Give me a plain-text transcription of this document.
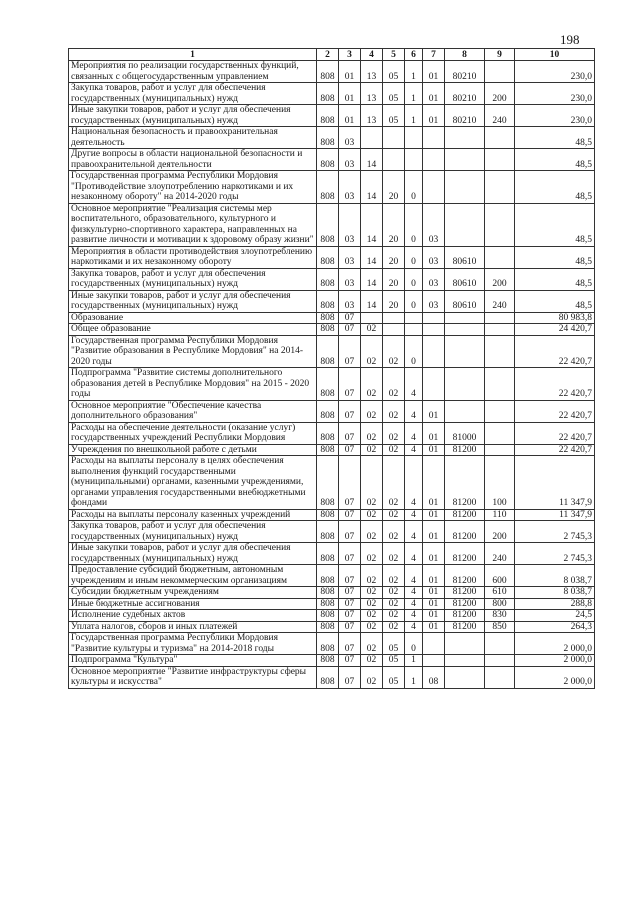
198
1	2	3	4	5	6	7	8	9	10
Мероприятия по реализации государственных функций, связанных с общегосударственным управлением	808	01	13	05	1	01	80210		230,0
Закупка товаров, работ и услуг для обеспечения государственных (муниципальных) нужд	808	01	13	05	1	01	80210	200	230,0
Иные закупки товаров, работ и услуг для обеспечения государственных (муниципальных) нужд	808	01	13	05	1	01	80210	240	230,0
Национальная безопасность и правоохранительная деятельность	808	03							48,5
Другие вопросы в области национальной безопасности и правоохранительной деятельности	808	03	14						48,5
Государственная программа Республики Мордовия "Противодействие злоупотреблению наркотиками и их незаконному обороту" на 2014-2020 годы	808	03	14	20	0				48,5
Основное мероприятие "Реализация системы мер воспитательного, образовательного, культурного и физкультурно-спортивного характера, направленных на развитие личности и мотивации к здоровому образу жизни"	808	03	14	20	0	03			48,5
Мероприятия в области противодействия злоупотреблению наркотиками и их незаконному обороту	808	03	14	20	0	03	80610		48,5
Закупка товаров, работ и услуг для обеспечения государственных (муниципальных) нужд	808	03	14	20	0	03	80610	200	48,5
Иные закупки товаров, работ и услуг для обеспечения государственных (муниципальных) нужд	808	03	14	20	0	03	80610	240	48,5
Образование	808	07							80 983,8
Общее образование	808	07	02						24 420,7
Государственная программа Республики Мордовия "Развитие образования в Республике Мордовия" на 2014-2020 годы	808	07	02	02	0				22 420,7
Подпрограмма "Развитие системы дополнительного образования детей в Республике Мордовия" на 2015 - 2020 годы	808	07	02	02	4				22 420,7
Основное мероприятие "Обеспечение качества дополнительного образования"	808	07	02	02	4	01			22 420,7
Расходы на обеспечение деятельности (оказание услуг) государственных учреждений Республики Мордовия	808	07	02	02	4	01	81000		22 420,7
Учреждения по внешкольной работе с детьми	808	07	02	02	4	01	81200		22 420,7
Расходы на выплаты персоналу в целях обеспечения выполнения функций государственными (муниципальными) органами, казенными учреждениями, органами управления государственными внебюджетными фондами	808	07	02	02	4	01	81200	100	11 347,9
Расходы на выплаты персоналу казенных учреждений	808	07	02	02	4	01	81200	110	11 347,9
Закупка товаров, работ и услуг для обеспечения государственных (муниципальных) нужд	808	07	02	02	4	01	81200	200	2 745,3
Иные закупки товаров, работ и услуг для обеспечения государственных (муниципальных) нужд	808	07	02	02	4	01	81200	240	2 745,3
Предоставление субсидий бюджетным, автономным учреждениям и иным некоммерческим организациям	808	07	02	02	4	01	81200	600	8 038,7
Субсидии бюджетным учреждениям	808	07	02	02	4	01	81200	610	8 038,7
Иные бюджетные ассигнования	808	07	02	02	4	01	81200	800	288,8
Исполнение судебных актов	808	07	02	02	4	01	81200	830	24,5
Уплата налогов, сборов и иных платежей	808	07	02	02	4	01	81200	850	264,3
Государственная программа Республики Мордовия "Развитие культуры и туризма" на 2014-2018 годы	808	07	02	05	0				2 000,0
Подпрограмма "Культура"	808	07	02	05	1				2 000,0
Основное мероприятие "Развитие инфраструктуры сферы культуры и искусства"	808	07	02	05	1	08			2 000,0
